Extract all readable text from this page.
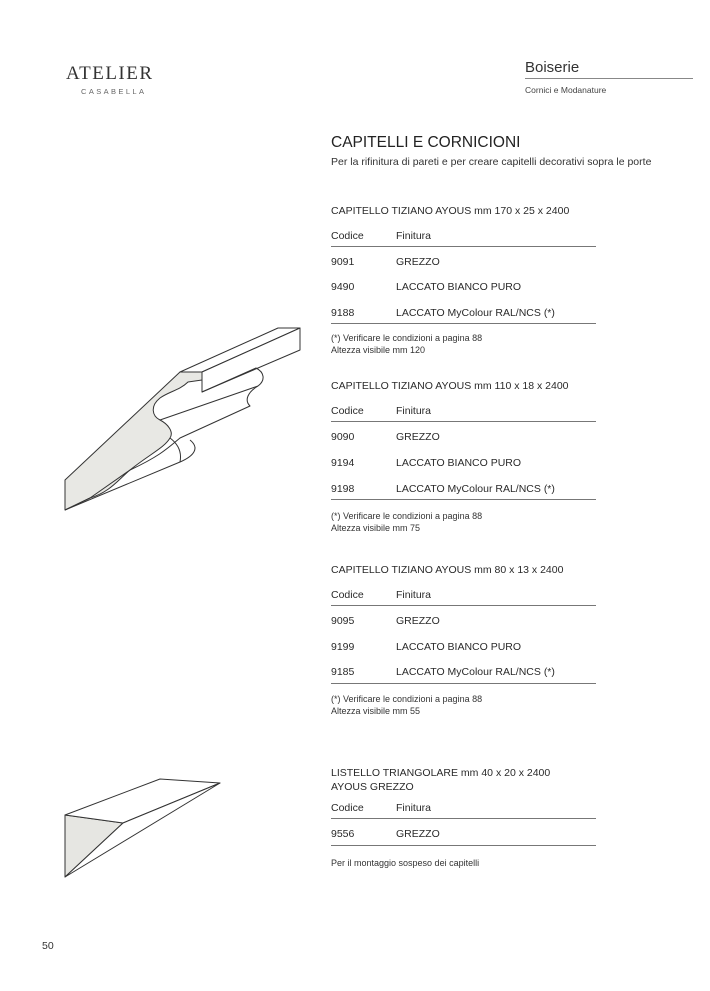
ATELIER
CASABELLA
Boiserie
Cornici e Modanature
CAPITELLI E CORNICIONI
Per la rifinitura di pareti e per creare capitelli decorativi sopra le porte
CAPITELLO TIZIANO AYOUS mm 170 x 25 x 2400
Codice	Finitura
9091	GREZZO
9490	LACCATO BIANCO PURO
9188	LACCATO MyColour RAL/NCS (*)
(*) Verificare le condizioni a pagina 88
Altezza visibile mm 120
CAPITELLO TIZIANO AYOUS mm 110 x 18 x 2400
Codice	Finitura
9090	GREZZO
9194	LACCATO BIANCO PURO
9198	LACCATO MyColour RAL/NCS (*)
(*) Verificare le condizioni a pagina 88
Altezza visibile mm 75
CAPITELLO TIZIANO AYOUS mm 80 x 13 x 2400
Codice	Finitura
9095	GREZZO
9199	LACCATO BIANCO PURO
9185	LACCATO MyColour RAL/NCS (*)
(*) Verificare le condizioni a pagina 88
Altezza visibile mm 55
LISTELLO TRIANGOLARE mm 40 x 20 x 2400
AYOUS GREZZO
Codice	Finitura
9556	GREZZO
Per il montaggio sospeso dei capitelli
50
